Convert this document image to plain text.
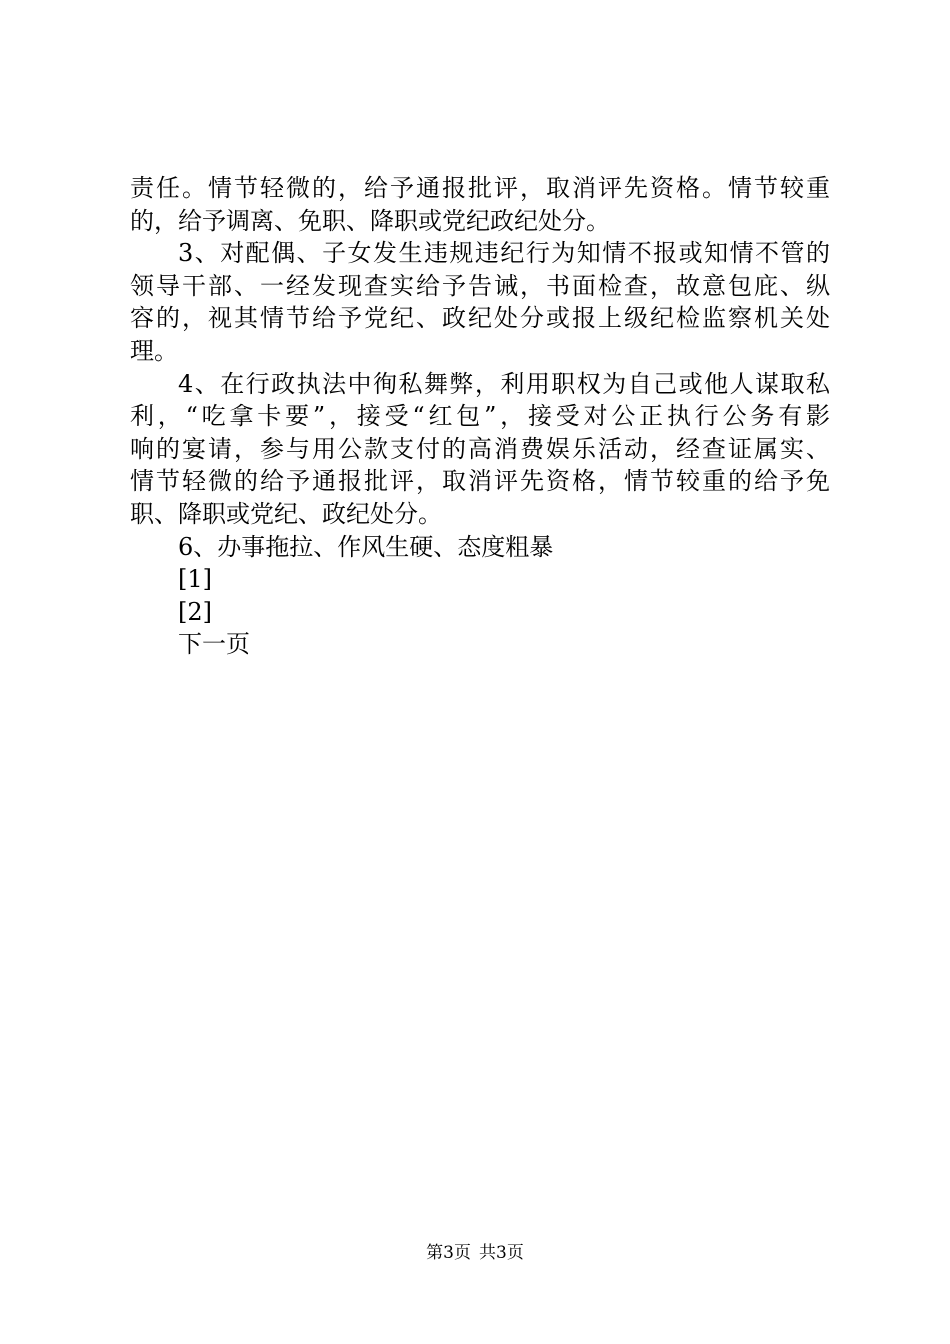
责任。情节轻微的，给予通报批评，取消评先资格。情节较重
的，给予调离、免职、降职或党纪政纪处分。
3、对配偶、子女发生违规违纪行为知情不报或知情不管的
领导干部、一经发现查实给予告诫，书面检查，故意包庇、纵
容的，视其情节给予党纪、政纪处分或报上级纪检监察机关处
理。
4、在行政执法中徇私舞弊，利用职权为自己或他人谋取私
利，“吃拿卡要”，接受“红包”，接受对公正执行公务有影
响的宴请，参与用公款支付的高消费娱乐活动，经查证属实、
情节轻微的给予通报批评，取消评先资格，情节较重的给予免
职、降职或党纪、政纪处分。
6、办事拖拉、作风生硬、态度粗暴
[1]
[2]
下一页
第3页 共3页
